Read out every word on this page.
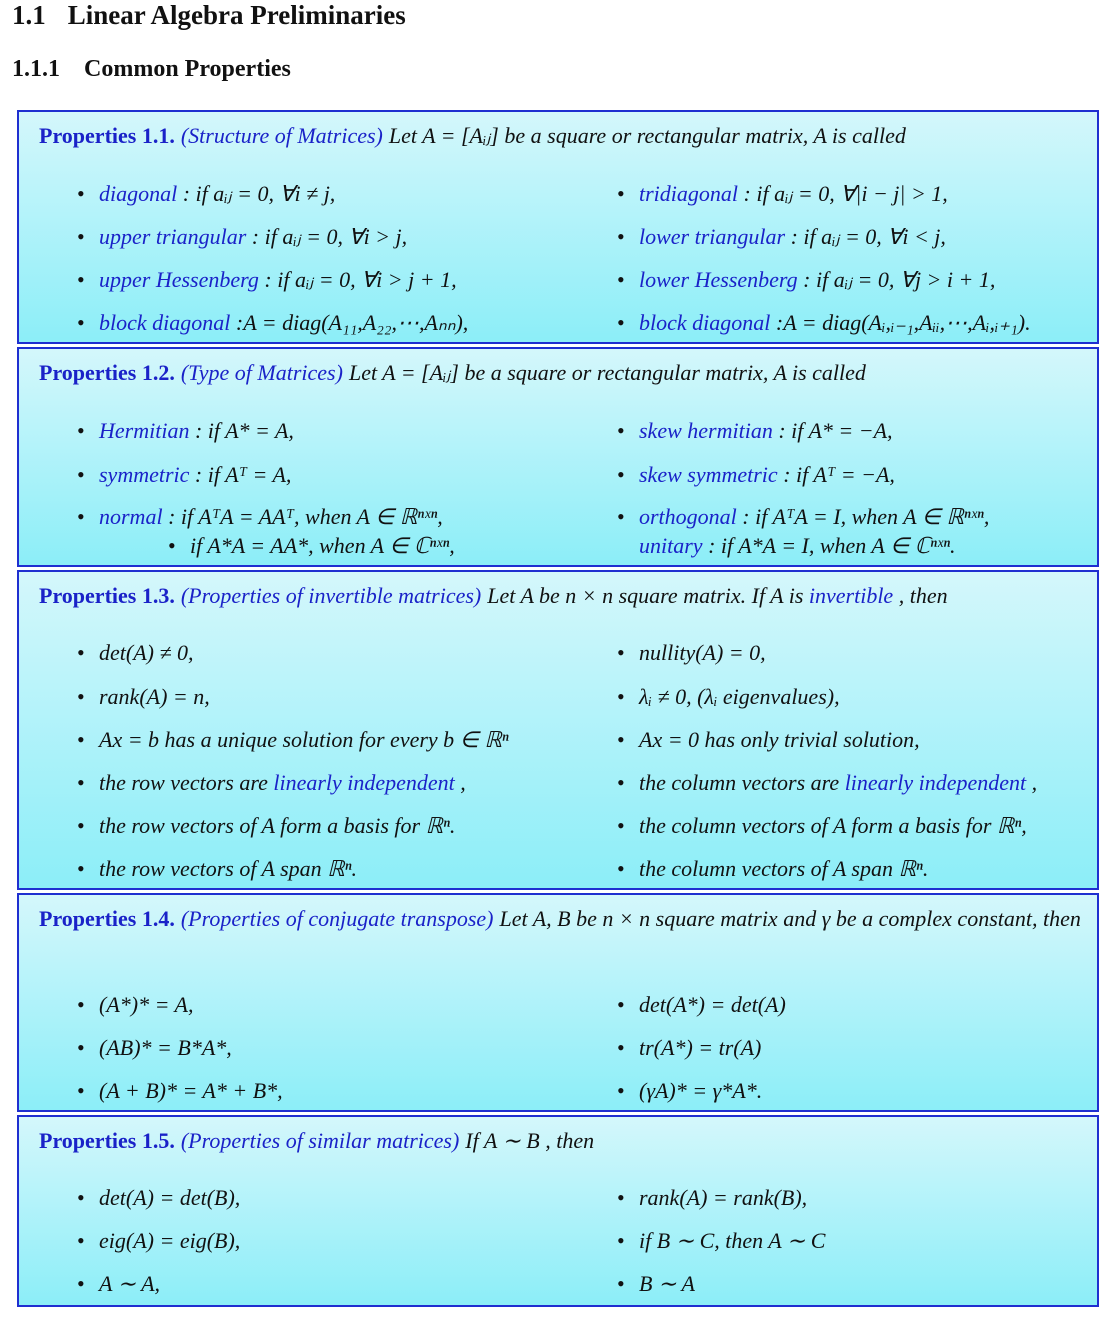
1.1 Linear Algebra Preliminaries
1.1.1 Common Properties
Properties 1.1. (Structure of Matrices) Let A = [Aᵢⱼ] be a square or rectangular matrix, A is called
• diagonal : if aᵢⱼ = 0, ∀i ≠ j,
• upper triangular : if aᵢⱼ = 0, ∀i > j,
• upper Hessenberg : if aᵢⱼ = 0, ∀i > j + 1,
• block diagonal :A = diag(A₁₁,A₂₂,⋯,Aₙₙ),
• tridiagonal : if aᵢⱼ = 0, ∀|i − j| > 1,
• lower triangular : if aᵢⱼ = 0, ∀i < j,
• lower Hessenberg : if aᵢⱼ = 0, ∀j > i + 1,
• block diagonal :A = diag(Aᵢ,ᵢ₋₁,Aᵢᵢ,⋯,Aᵢ,ᵢ₊₁).
Properties 1.2. (Type of Matrices) Let A = [Aᵢⱼ] be a square or rectangular matrix, A is called
• Hermitian : if A* = A,
• symmetric : if Aᵀ = A,
• normal : if AᵀA = AAᵀ, when A ∈ ℝⁿˣⁿ,
• if A*A = AA*, when A ∈ ℂⁿˣⁿ,
• skew hermitian : if A* = −A,
• skew symmetric : if Aᵀ = −A,
• orthogonal : if AᵀA = I, when A ∈ ℝⁿˣⁿ,
unitary : if A*A = I, when A ∈ ℂⁿˣⁿ.
Properties 1.3. (Properties of invertible matrices) Let A be n × n square matrix. If A is invertible , then
• det(A) ≠ 0,
• rank(A) = n,
• Ax = b has a unique solution for every b ∈ ℝⁿ
• the row vectors are linearly independent ,
• the row vectors of A form a basis for ℝⁿ.
• the row vectors of A span ℝⁿ.
• nullity(A) = 0,
• λᵢ ≠ 0, (λᵢ eigenvalues),
• Ax = 0 has only trivial solution,
• the column vectors are linearly independent ,
• the column vectors of A form a basis for ℝⁿ,
• the column vectors of A span ℝⁿ.
Properties 1.4. (Properties of conjugate transpose) Let A, B be n × n square matrix and γ be a complex constant, then
• (A*)* = A,
• (AB)* = B*A*,
• (A + B)* = A* + B*,
• det(A*) = det(A)
• tr(A*) = tr(A)
• (γA)* = γ*A*.
Properties 1.5. (Properties of similar matrices) If A ∼ B , then
• det(A) = det(B),
• eig(A) = eig(B),
• A ∼ A,
• rank(A) = rank(B),
• if B ∼ C, then A ∼ C
• B ∼ A
